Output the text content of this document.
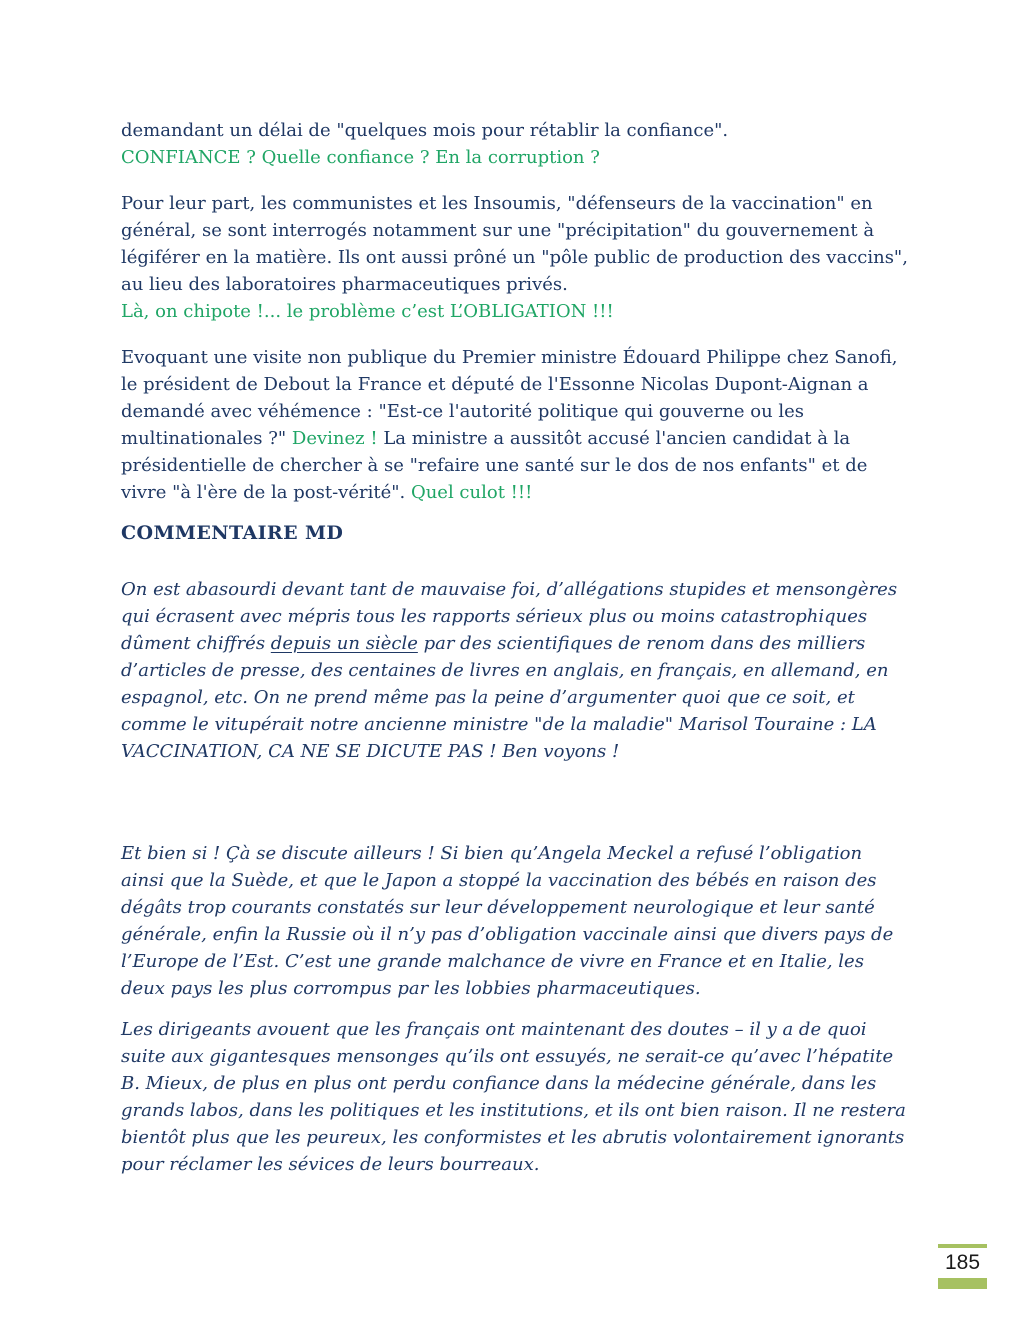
demandant un délai de "quelques mois pour rétablir la confiance".
CONFIANCE ? Quelle confiance ? En la corruption ?

Pour leur part, les communistes et les Insoumis, "défenseurs de la vaccination" en général, se sont interrogés notamment sur une "précipitation" du gouvernement à légiférer en la matière. Ils ont aussi prôné un "pôle public de production des vaccins", au lieu des laboratoires pharmaceutiques privés.
Là, on chipote !... le problème c’est L’OBLIGATION !!!

Evoquant une visite non publique du Premier ministre Édouard Philippe chez Sanofi, le président de Debout la France et député de l'Essonne Nicolas Dupont-Aignan a demandé avec véhémence : "Est-ce l'autorité politique qui gouverne ou les multinationales ?" Devinez ! La ministre a aussitôt accusé l'ancien candidat à la présidentielle de chercher à se "refaire une santé sur le dos de nos enfants" et de vivre "à l'ère de la post-vérité". Quel culot !!!

COMMENTAIRE MD

On est abasourdi devant tant de mauvaise foi, d’allégations stupides et mensongères qui écrasent avec mépris tous les rapports sérieux plus ou moins catastrophiques dûment chiffrés depuis un siècle par des scientifiques de renom dans des milliers d’articles de presse, des centaines de livres en anglais, en français, en allemand, en espagnol, etc. On ne prend même pas la peine d’argumenter quoi que ce soit, et comme le vitupérait notre ancienne ministre "de la maladie" Marisol Touraine : LA VACCINATION, CA NE SE DICUTE PAS ! Ben voyons !

Et bien si ! Çà se discute ailleurs ! Si bien qu’Angela Meckel a refusé l’obligation ainsi que la Suède, et que le Japon a stoppé la vaccination des bébés en raison des dégâts trop courants constatés sur leur développement neurologique et leur santé générale, enfin la Russie où il n’y pas d’obligation vaccinale ainsi que divers pays de l’Europe de l’Est. C’est une grande malchance de vivre en France et en Italie, les deux pays les plus corrompus par les lobbies pharmaceutiques.

Les dirigeants avouent que les français ont maintenant des doutes – il y a de quoi suite aux gigantesques mensonges qu’ils ont essuyés, ne serait-ce qu’avec l’hépatite B. Mieux, de plus en plus ont perdu confiance dans la médecine générale, dans les grands labos, dans les politiques et les institutions, et ils ont bien raison. Il ne restera bientôt plus que les peureux, les conformistes et les abrutis volontairement ignorants pour réclamer les sévices de leurs bourreaux.

185
